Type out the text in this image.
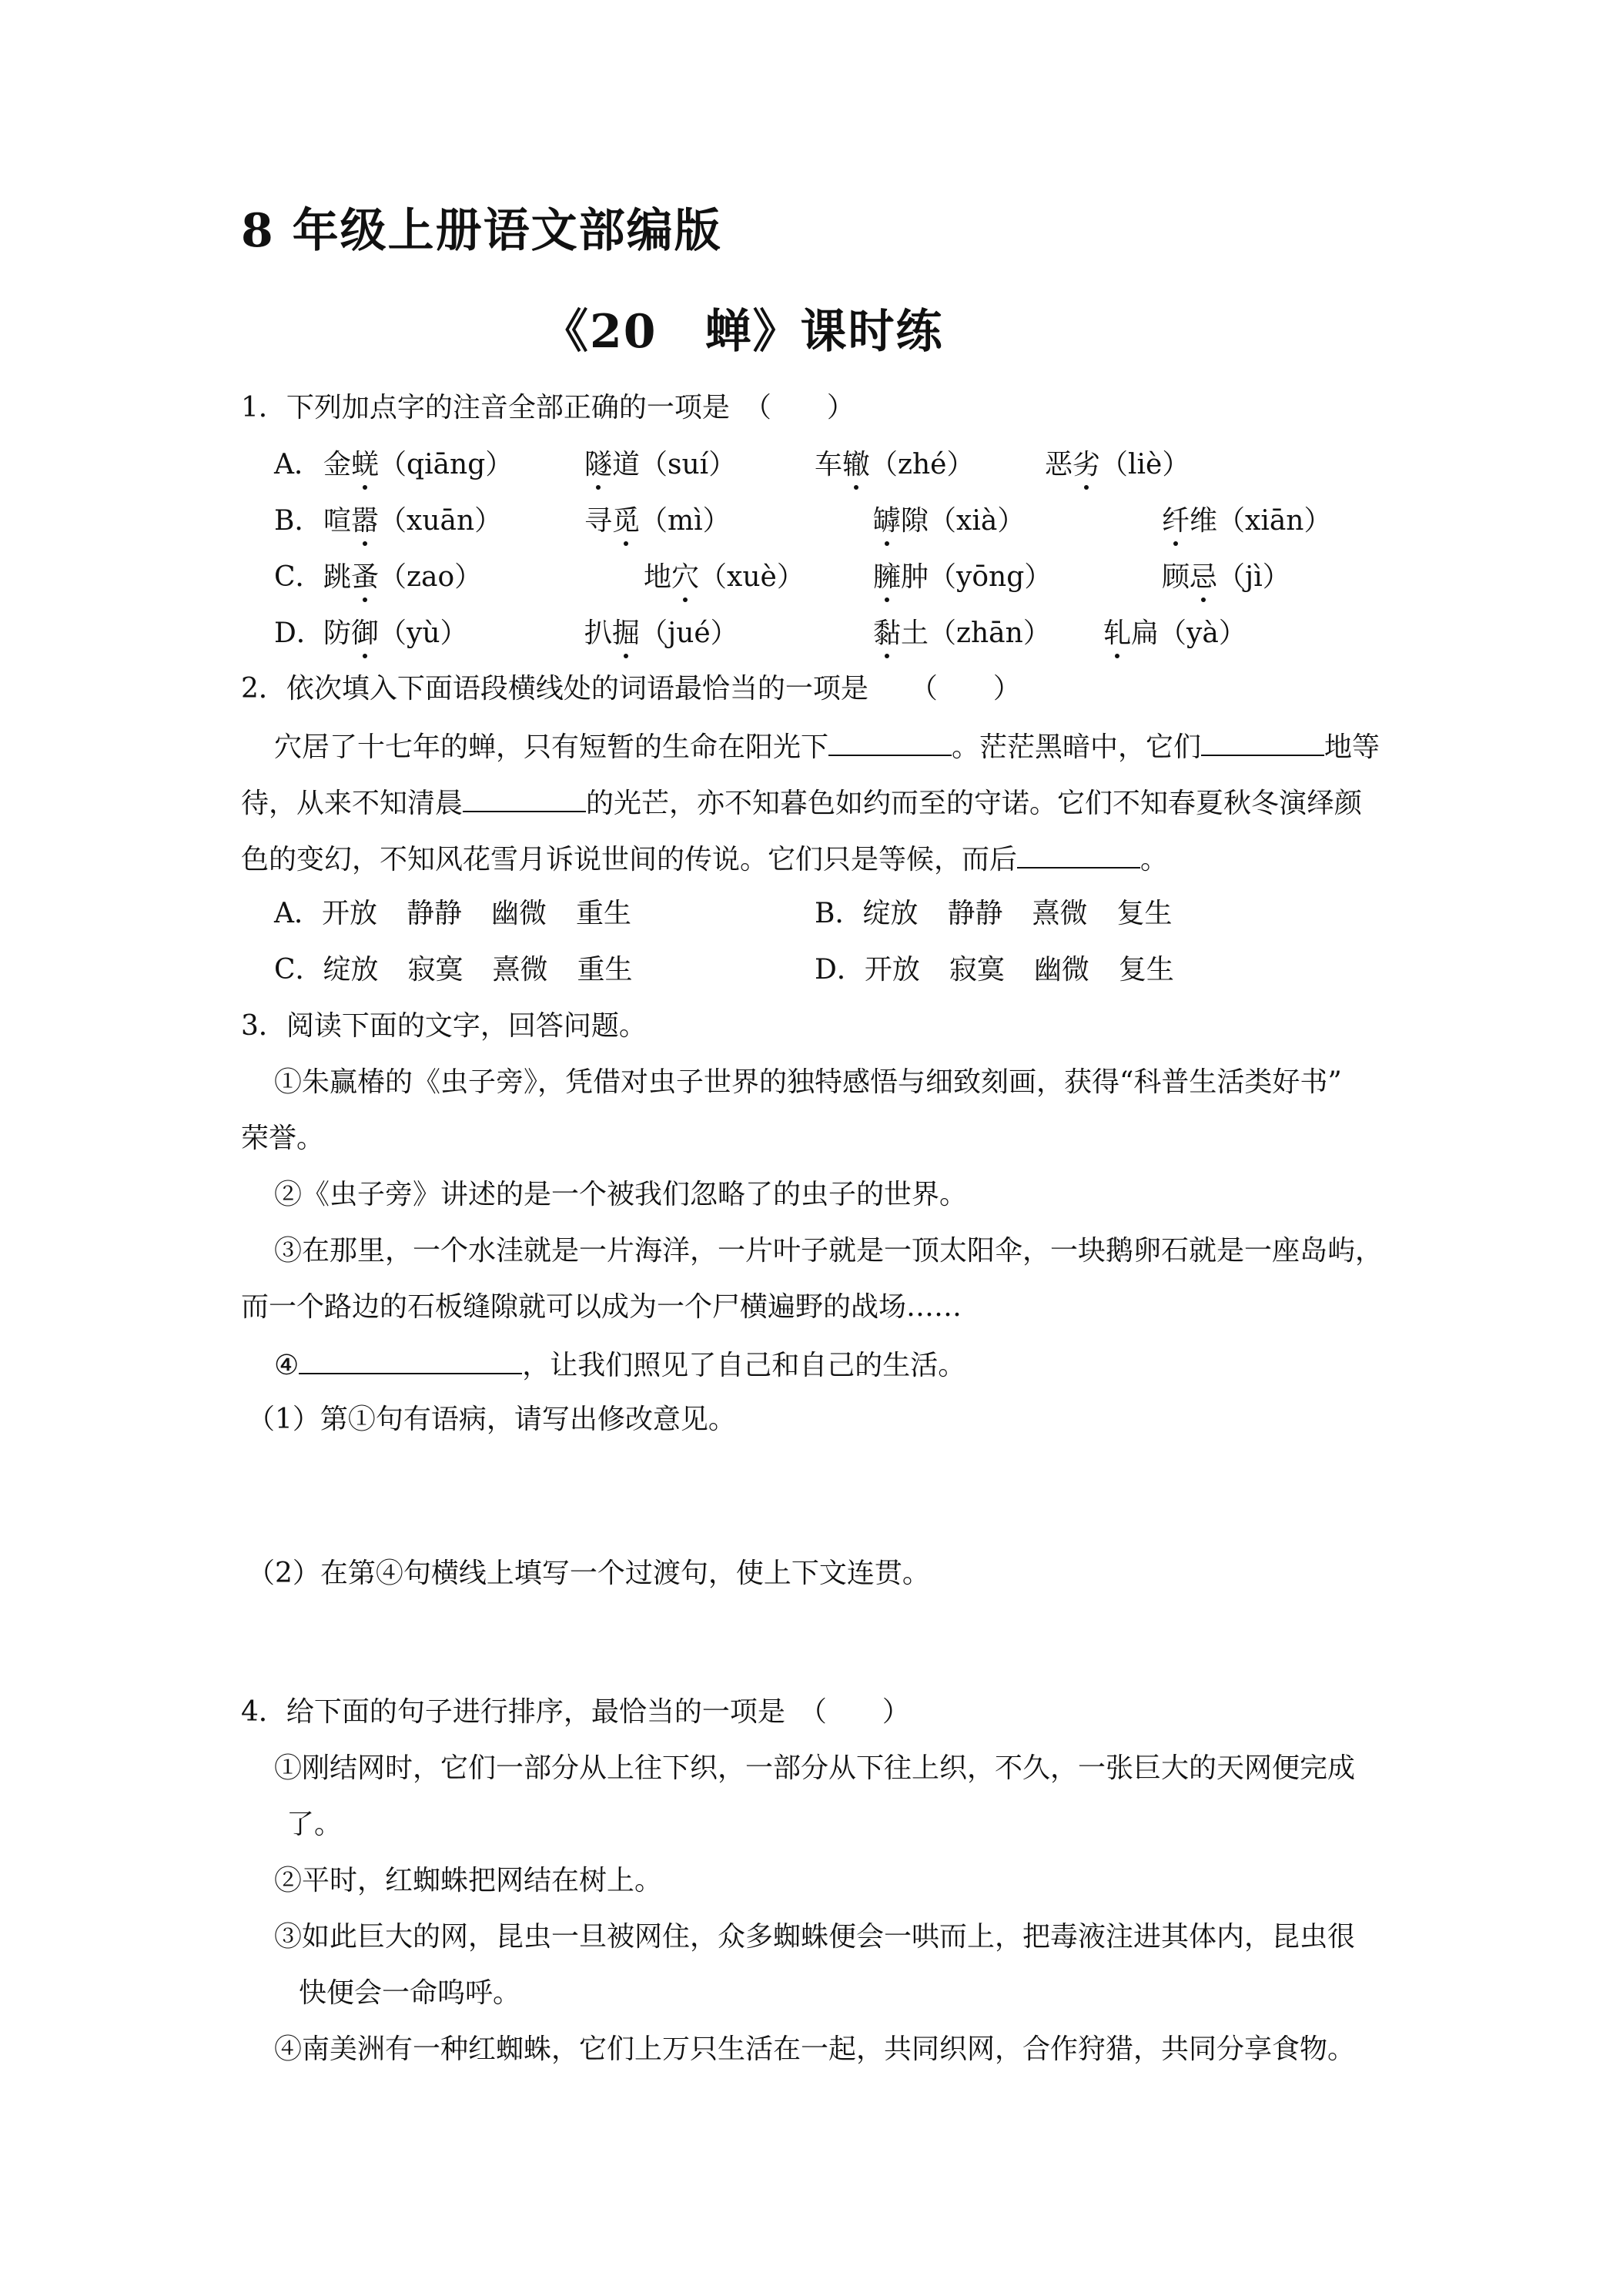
8 年级上册语文部编版
《20　蝉》课时练
1．下列加点字的注音全部正确的一项是　（　　）
A． 金蜣（qiāng）	隧道（suí）	车辙（zhé）	恶劣（liè）
B． 喧嚣（xuān）	寻觅（mì）	罅隙（xià）	纤维（xiān）
C． 跳蚤（zao）	地穴（xuè） 臃肿（yōng）	顾忌（jì）
D． 防御（yù）	扒掘（jué）	黏土（zhān） 轧扁（yà）
2．依次填入下面语段横线处的词语最恰当的一项是　　（　　）
穴居了十七年的蝉，只有短暂的生命在阳光下	。茫茫黑暗中，它们	地等
待，从来不知清晨	的光芒，亦不知暮色如约而至的守诺。它们不知春夏秋冬演绎颜
色的变幻，不知风花雪月诉说世间的传说。它们只是等候，而后	。
A．开放 静静 幽微 重生	B．绽放 静静 熹微 复生
C．绽放 寂寞 熹微 重生	D．开放 寂寞 幽微 复生
3．阅读下面的文字，回答问题。
①朱赢椿的《虫子旁》，凭借对虫子世界的独特感悟与细致刻画，获得“科普生活类好书”
荣誉。
②《虫子旁》讲述的是一个被我们忽略了的虫子的世界。
③在那里，一个水洼就是一片海洋，一片叶子就是一顶太阳伞，一块鹅卵石就是一座岛屿，
而一个路边的石板缝隙就可以成为一个尸横遍野的战场……
④	，让我们照见了自己和自己的生活。
（1）第①句有语病，请写出修改意见。
（2）在第④句横线上填写一个过渡句，使上下文连贯。
4．给下面的句子进行排序，最恰当的一项是　（　　）
①刚结网时，它们一部分从上往下织，一部分从下往上织，不久，一张巨大的天网便完成
了。
②平时，红蜘蛛把网结在树上。
③如此巨大的网，昆虫一旦被网住，众多蜘蛛便会一哄而上，把毒液注进其体内，昆虫很
快便会一命呜呼。
④南美洲有一种红蜘蛛，它们上万只生活在一起，共同织网，合作狩猎，共同分享食物。
